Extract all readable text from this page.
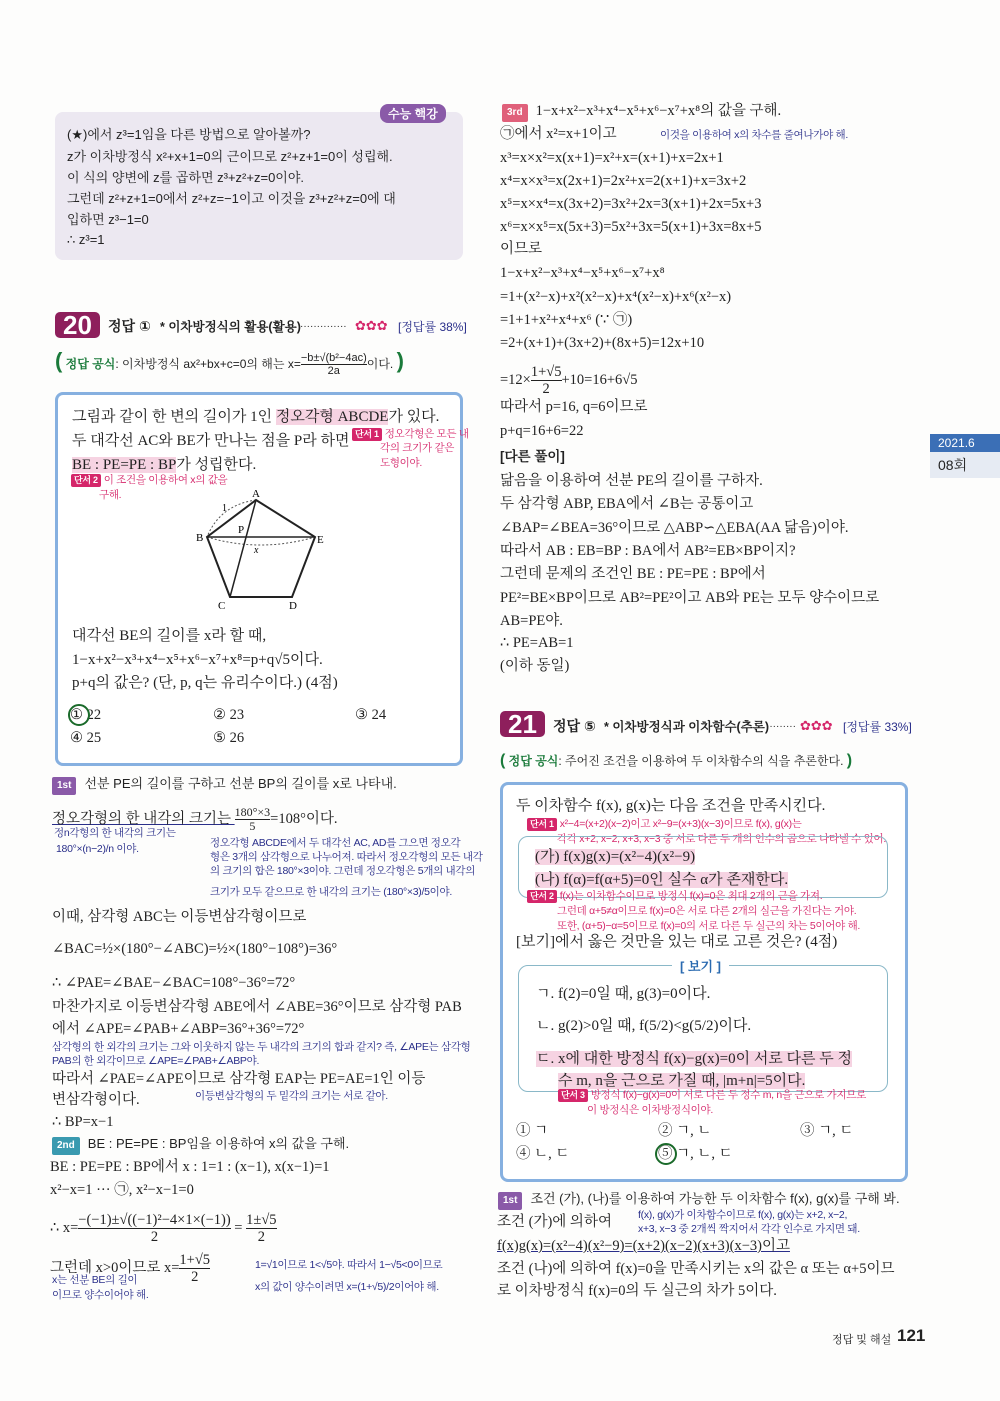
수능 핵강
(★)에서 z³=1임을 다른 방법으로 알아볼까?
z가 이차방정식 x²+x+1=0의 근이므로 z²+z+1=0이 성립해.
이 식의 양변에 z를 곱하면 z³+z²+z=0이야.
그런데 z²+z+1=0에서 z²+z=−1이고 이것을 z³+z²+z=0에 대
입하면 z³−1=0
∴ z³=1
20	정답 ① * 이차방정식의 활용(활용) ·············· ✿✿✿ [정답률 38%]
( 정답 공식: 이차방정식 ax²+bx+c=0의 해는 $x= \frac{\text{−b±√(b²−4ac)}}{2a}$ 이다. )
그림과 같이 한 변의 길이가 1인 정오각형 ABCDE가 있다.
두 대각선 AC와 BE가 만나는 점을 P라 하면
BE : PE=PE : BP가 성립한다.
단서 1 정오각형은 모든 내
각의 크기가 같은
도형이야.
단서 2 이 조건을 이용하여 x의 값을
구해.	A
B
C	D
E
P
1
x
대각선 BE의 길이를 x라 할 때,
1−x+x²−x³+x⁴−x⁵+x⁶−x⁷+x⁸=p+q√5이다.
p+q의 값은? (단, p, q는 유리수이다.) (4점)
① 22	② 23	③ 24
④ 25	⑤ 26
1st 선분 PE의 길이를 구하고 선분 BP의 길이를 x로 나타내.
정오각형의 한 내각의 크기는 $\frac{180^\circ\times 3}{5} =108^\circ$이다.
정n각형의 한 내각의 크기는
180°×(n−2)/n 이야.	정오각형 ABCDE에서 두 대각선 AC, AD를 그으면 정오각
형은 3개의 삼각형으로 나누어져. 따라서 정오각형의 모든 내각
의 크기의 합은 180°×3이야. 그런데 정오각형은 5개의 내각의
크기가 모두 같으므로 한 내각의 크기는 (180°×3)/5이야.
이때, 삼각형 ABC는 이등변삼각형이므로
∠BAC=½×(180°−∠ABC)=½×(180°−108°)=36°
∴ ∠PAE=∠BAE−∠BAC=108°−36°=72°
마찬가지로 이등변삼각형 ABE에서 ∠ABE=36°이므로 삼각형 PAB
에서 ∠APE=∠PAB+∠ABP=36°+36°=72°
삼각형의 한 외각의 크기는 그와 이웃하지 않는 두 내각의 크기의 합과 같지? 즉, ∠APE는 삼각형
PAB의 한 외각이므로 ∠APE=∠PAB+∠ABP야.
따라서 ∠PAE=∠APE이므로 삼각형 EAP는 PE=AE=1인 이등
변삼각형이다.	이등변삼각형의 두 밑각의 크기는 서로 같아.
∴ BP=x−1
2nd BE : PE=PE : BP임을 이용하여 x의 값을 구해.
BE : PE=PE : BP에서 x : 1=1 : (x−1), x(x−1)=1
x²−x=1 ··· ㉠, x²−x−1=0
∴ $x= \frac{\text{−(−1)±√((−1)²−4×1×(−1))}}{2} = \frac{1\pm√5}{2}$
그런데 x>0이므로 $x= \frac{1+√5}{2}$
x는 선분 BE의 길이
이므로 양수이어야 해.
1=√1이므로 1<√5야. 따라서 1−√5<0이므로
x의 값이 양수이려면 x=(1+√5)/2이어야 해.
3rd 1−x+x²−x³+x⁴−x⁵+x⁶−x⁷+x⁸의 값을 구해.
㉠에서 x²=x+1이고	이것을 이용하여 x의 차수를 줄여나가야 해.
x³=x×x²=x(x+1)=x²+x=(x+1)+x=2x+1
x⁴=x×x³=x(2x+1)=2x²+x=2(x+1)+x=3x+2
x⁵=x×x⁴=x(3x+2)=3x²+2x=3(x+1)+2x=5x+3
x⁶=x×x⁵=x(5x+3)=5x²+3x=5(x+1)+3x=8x+5
이므로
1−x+x²−x³+x⁴−x⁵+x⁶−x⁷+x⁸
=1+(x²−x)+x²(x²−x)+x⁴(x²−x)+x⁶(x²−x)
=1+1+x²+x⁴+x⁶ (∵ ㉠)
=2+(x+1)+(3x+2)+(8x+5)=12x+10
$=12\times \frac{1+√5}{2} +10=16+6√5$
따라서 p=16, q=6이므로
p+q=16+6=22
[다른 풀이]
닮음을 이용하여 선분 PE의 길이를 구하자.
두 삼각형 ABP, EBA에서 ∠B는 공통이고
∠BAP=∠BEA=36°이므로 △ABP∽△EBA(AA 닮음)이야.
따라서 AB : EB=BP : BA에서 AB²=EB×BP이지?
그런데 문제의 조건인 BE : PE=PE : BP에서
PE²=BE×BP이므로 AB²=PE²이고 AB와 PE는 모두 양수이므로
AB=PE야.
∴ PE=AB=1
(이하 동일)
2021.6
08회
21	정답 ⑤ * 이차방정식과 이차함수(추론)
········· ✿✿✿ [정답률 33%]
( 정답 공식: 주어진 조건을 이용하여 두 이차함수의 식을 추론한다. )
두 이차함수 f(x), g(x)는 다음 조건을 만족시킨다.
단서 1 x²−4=(x+2)(x−2)이고 x²−9=(x+3)(x−3)이므로 f(x), g(x)는
각각 x+2, x−2, x+3, x−3 중 서로 다른 두 개의 인수의 곱으로 나타낼 수 있어.
(가) f(x)g(x)=(x²−4)(x²−9)
(나) f(α)=f(α+5)=0인 실수 α가 존재한다.
단서 2 f(x)는 이차함수이므로 방정식 f(x)=0은 최대 2개의 근을 가져.
그런데 α+5≠α이므로 f(x)=0은 서로 다른 2개의 실근을 가진다는 거야.
또한, (α+5)−α=5이므로 f(x)=0의 서로 다른 두 실근의 차는 5이어야 해.
[보기]에서 옳은 것만을 있는 대로 고른 것은? (4점)
[ 보기 ]
ㄱ. f(2)=0일 때, g(3)=0이다.
ㄴ. g(2)>0일 때, f(5/2)<g(5/2)이다.
ㄷ. x에 대한 방정식 f(x)−g(x)=0이 서로 다른 두 정
수 m, n을 근으로 가질 때, |m+n|=5이다.
단서 3 방정식 f(x)−g(x)=0이 서로 다른 두 정수 m, n을 근으로 가지므로
이 방정식은 이차방정식이야.
① ㄱ	② ㄱ, ㄴ	③ ㄱ, ㄷ
④ ㄴ, ㄷ	⑤ ㄱ, ㄴ, ㄷ
1st 조건 (가), (나)를 이용하여 가능한 두 이차함수 f(x), g(x)를 구해 봐.
조건 (가)에 의하여 f(x), g(x)가 이차함수이므로 f(x), g(x)는 x+2, x−2,
x+3, x−3 중 2개씩 짝지어서 각각 인수로 가지면 돼.
f(x)g(x)=(x²−4)(x²−9)=(x+2)(x−2)(x+3)(x−3)이고
조건 (나)에 의하여 f(x)=0을 만족시키는 x의 값은 α 또는 α+5이므
로 이차방정식 f(x)=0의 두 실근의 차가 5이다.
정답 및 해설 121
